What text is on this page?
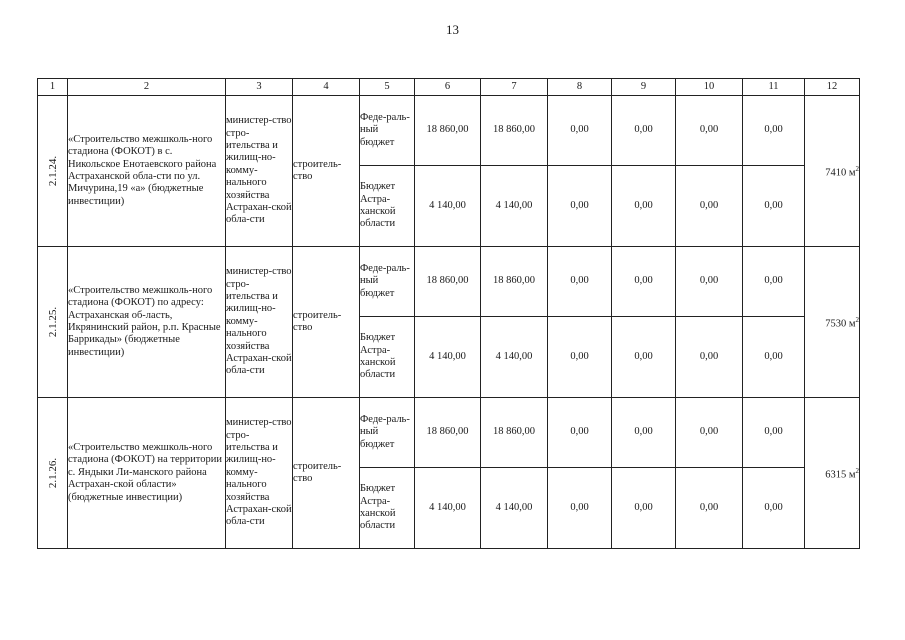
13
1	2	3	4	5	6	7	8	9	10	11	12

2.1.24.	«Строительство межшколь-ного стадиона (ФОКОТ) в с. Никольское Енотаевского района Астраханской обла-сти по ул. Мичурина,19 «а» (бюджетные инвестиции)	министер-ство стро-ительства и жилищ-но-комму-нального хозяйства Астрахан-ской обла-сти	строитель-ство	Феде-раль-ный бюджет	18 860,00	18 860,00	0,00	0,00	0,00	0,00	7410 $м^2$
				Бюджет Астра-ханской области	4 140,00	4 140,00	0,00	0,00	0,00	0,00	

2.1.25.	«Строительство межшколь-ного стадиона (ФОКОТ) по адресу: Астраханская об-ласть, Икрянинский район, р.п. Красные Баррикады» (бюджетные инвестиции)	министер-ство стро-ительства и жилищ-но-комму-нального хозяйства Астрахан-ской обла-сти	строитель-ство	Феде-раль-ный бюджет	18 860,00	18 860,00	0,00	0,00	0,00	0,00	7530 $м^2$
				Бюджет Астра-ханской области	4 140,00	4 140,00	0,00	0,00	0,00	0,00	

2.1.26.	«Строительство межшколь-ного стадиона (ФОКОТ) на территории с. Яндыки Ли-манского района Астрахан-ской области» (бюджетные инвестиции)	министер-ство стро-ительства и жилищ-но-комму-нального хозяйства Астрахан-ской обла-сти	строитель-ство	Феде-раль-ный бюджет	18 860,00	18 860,00	0,00	0,00	0,00	0,00	6315 $м^2$
				Бюджет Астра-ханской области	4 140,00	4 140,00	0,00	0,00	0,00	0,00	
